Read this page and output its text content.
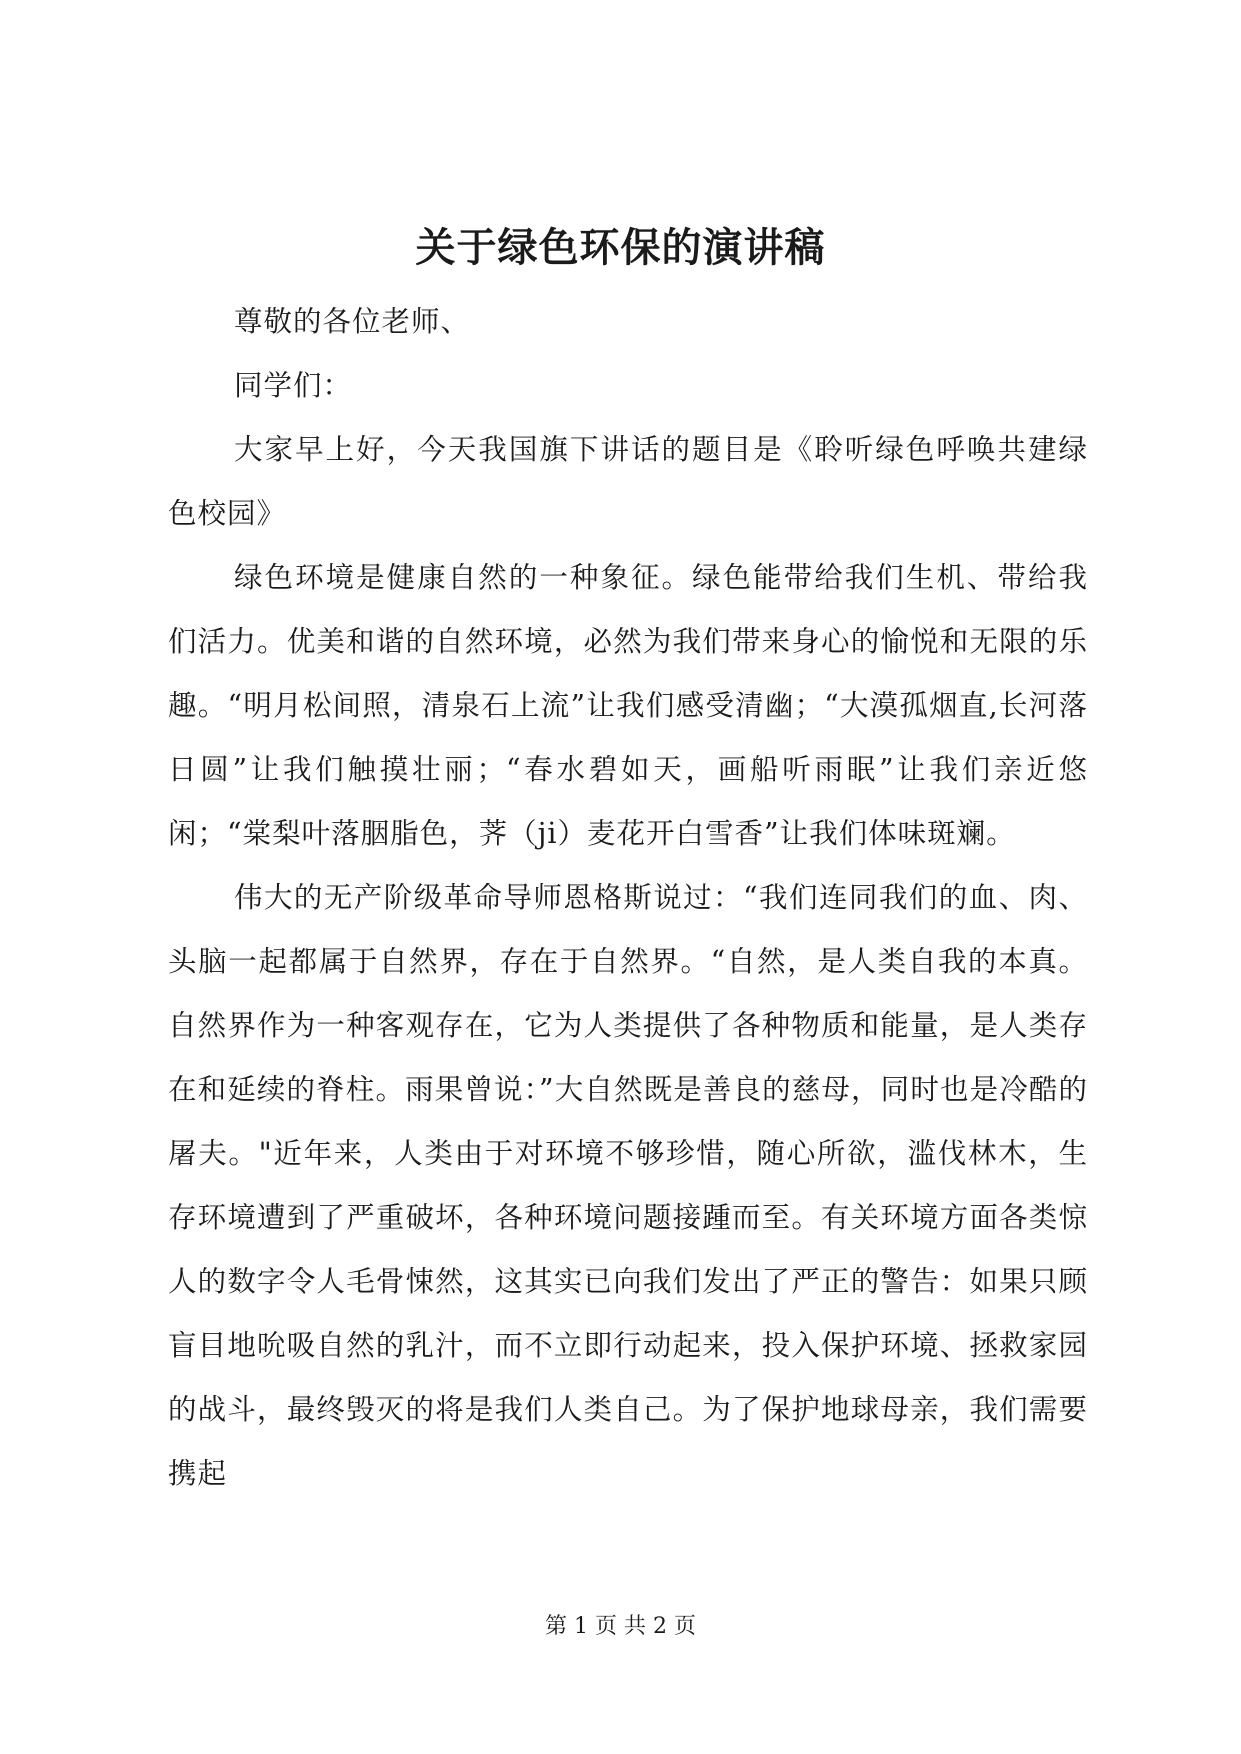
关于绿色环保的演讲稿

尊敬的各位老师、

同学们：

大家早上好，今天我国旗下讲话的题目是《聆听绿色呼唤共建绿色校园》

绿色环境是健康自然的一种象征。绿色能带给我们生机、带给我们活力。优美和谐的自然环境，必然为我们带来身心的愉悦和无限的乐趣。“明月松间照，清泉石上流”让我们感受清幽；“大漠孤烟直,长河落日圆”让我们触摸壮丽；“春水碧如天，画船听雨眠”让我们亲近悠闲；“棠梨叶落胭脂色，荠（ji）麦花开白雪香”让我们体味斑斓。

伟大的无产阶级革命导师恩格斯说过：“我们连同我们的血、肉、头脑一起都属于自然界，存在于自然界。“自然，是人类自我的本真。自然界作为一种客观存在，它为人类提供了各种物质和能量，是人类存在和延续的脊柱。雨果曾说：”大自然既是善良的慈母，同时也是冷酷的屠夫。"近年来，人类由于对环境不够珍惜，随心所欲，滥伐林木，生存环境遭到了严重破坏，各种环境问题接踵而至。有关环境方面各类惊人的数字令人毛骨悚然，这其实已向我们发出了严正的警告：如果只顾盲目地吮吸自然的乳汁，而不立即行动起来，投入保护环境、拯救家园的战斗，最终毁灭的将是我们人类自己。为了保护地球母亲，我们需要携起

第 1 页 共 2 页
